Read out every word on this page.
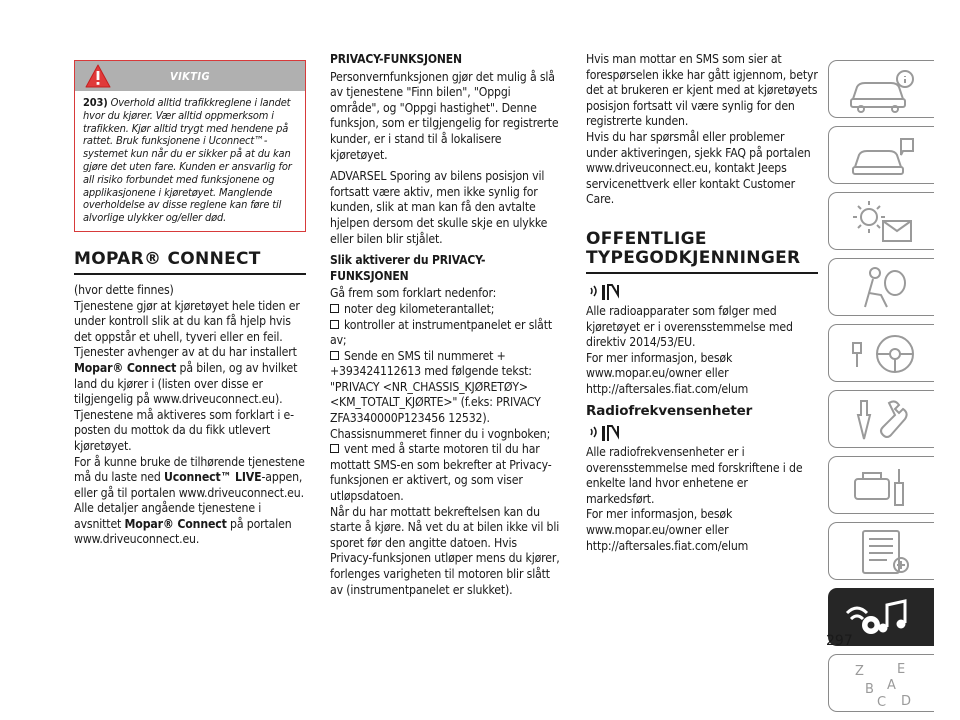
VIKTIG
203) Overhold alltid trafikkreglene i landet hvor du kjører. Vær alltid oppmerksom i trafikken. Kjør alltid trygt med hendene på rattet. Bruk funksjonene i Uconnect™-systemet kun når du er sikker på at du kan gjøre det uten fare. Kunden er ansvarlig for all risiko forbundet med funksjonene og applikasjonene i kjøretøyet. Manglende overholdelse av disse reglene kan føre til alvorlige ulykker og/eller død.
MOPAR® CONNECT

(hvor dette finnes)

Tjenestene gjør at kjøretøyet hele tiden er under kontroll slik at du kan få hjelp hvis det oppstår et uhell, tyveri eller en feil.

Tjenester avhenger av at du har installert Mopar® Connect på bilen, og av hvilket land du kjører i (listen over disse er tilgjengelig på www.driveuconnect.eu).

Tjenestene må aktiveres som forklart i e-posten du mottok da du fikk utlevert kjøretøyet.

For å kunne bruke de tilhørende tjenestene må du laste ned Uconnect™ LIVE-appen, eller gå til portalen www.driveuconnect.eu.

Alle detaljer angående tjenestene i avsnittet Mopar® Connect på portalen www.driveuconnect.eu.

PRIVACY-FUNKSJONEN

Personvernfunksjonen gjør det mulig å slå av tjenestene "Finn bilen", "Oppgi område", og "Oppgi hastighet". Denne funksjon, som er tilgjengelig for registrerte kunder, er i stand til å lokalisere kjøretøyet.

ADVARSEL Sporing av bilens posisjon vil fortsatt være aktiv, men ikke synlig for kunden, slik at man kan få den avtalte hjelpen dersom det skulle skje en ulykke eller bilen blir stjålet.

Slik aktiverer du PRIVACY-FUNKSJONEN

Gå frem som forklart nedenfor:

noter deg kilometerantallet;

kontroller at instrumentpanelet er slått av;

Sende en SMS til nummeret + +393424112613 med følgende tekst: "PRIVACY <NR_CHASSIS_KJØRETØY> <KM_TOTALT_KJØRTE>" (f.eks: PRIVACY ZFA3340000P123456 12532). Chassisnummeret finner du i vognboken;

vent med å starte motoren til du har mottatt SMS-en som bekrefter at Privacy-funksjonen er aktivert, og som viser utløpsdatoen.

Når du har mottatt bekreftelsen kan du starte å kjøre. Nå vet du at bilen ikke vil bli sporet før den angitte datoen. Hvis Privacy-funksjonen utløper mens du kjører, forlenges varigheten til motoren blir slått av (instrumentpanelet er slukket).

Hvis man mottar en SMS som sier at forespørselen ikke har gått igjennom, betyr det at brukeren er kjent med at kjøretøyets posisjon fortsatt vil være synlig for den registrerte kunden.

Hvis du har spørsmål eller problemer under aktiveringen, sjekk FAQ på portalen www.driveuconnect.eu, kontakt Jeeps servicenettverk eller kontakt Customer Care.

OFFENTLIGE TYPEGODKJENNINGER

Alle radioapparater som følger med kjøretøyet er i overensstemmelse med direktiv 2014/53/EU.

For mer informasjon, besøk www.mopar.eu/owner eller http://aftersales.fiat.com/elum

Radiofrekvensenheter

Alle radiofrekvensenheter er i overensstemmelse med forskriftene i de enkelte land hvor enhetene er markedsført.

For mer informasjon, besøk www.mopar.eu/owner eller http://aftersales.fiat.com/elum

Z	E
B A
C D
297
